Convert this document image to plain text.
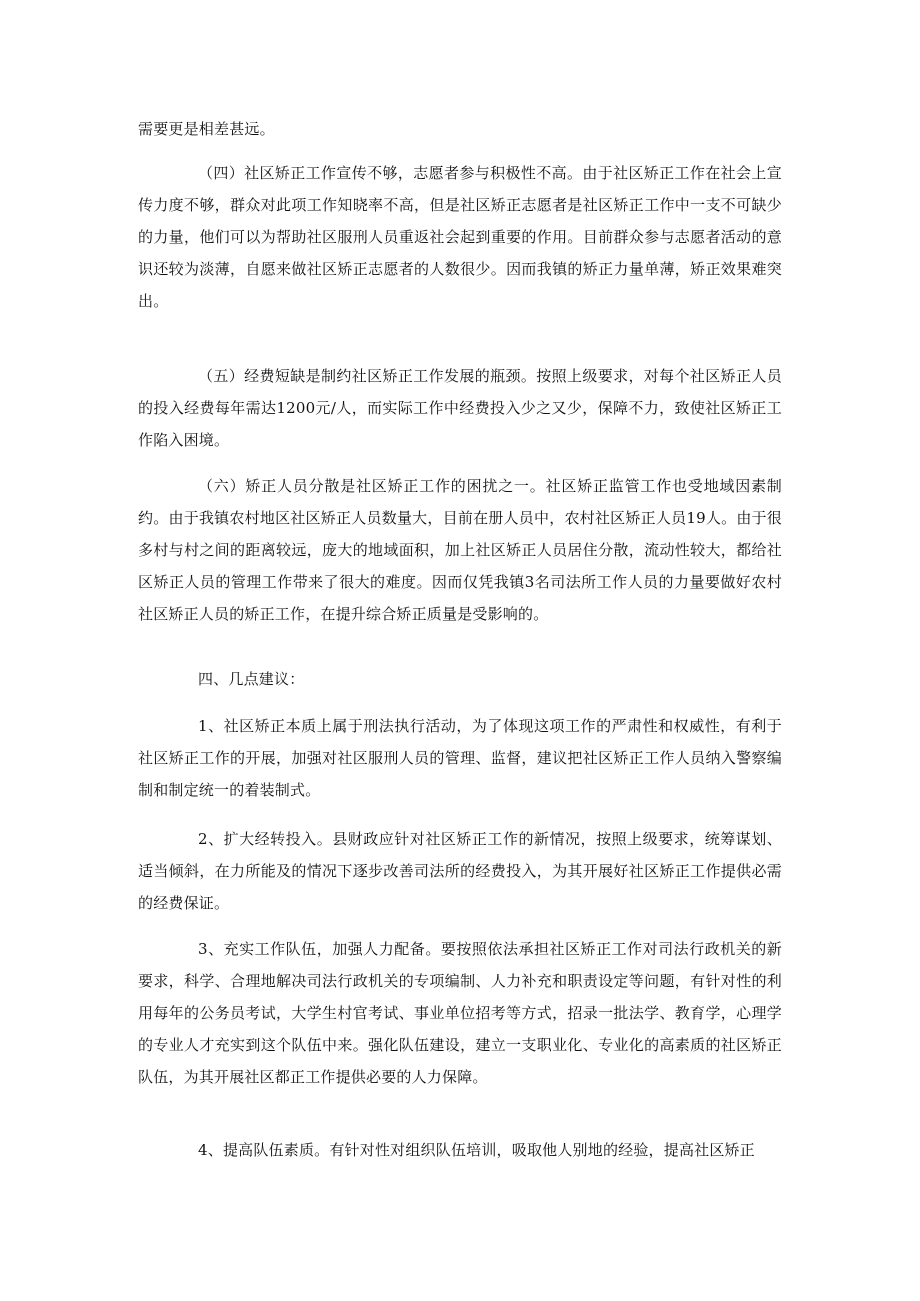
需要更是相差甚远。

（四）社区矫正工作宣传不够，志愿者参与积极性不高。由于社区矫正工作在社会上宣传力度不够，群众对此项工作知晓率不高，但是社区矫正志愿者是社区矫正工作中一支不可缺少的力量，他们可以为帮助社区服刑人员重返社会起到重要的作用。目前群众参与志愿者活动的意识还较为淡薄，自愿来做社区矫正志愿者的人数很少。因而我镇的矫正力量单薄，矫正效果难突出。

（五）经费短缺是制约社区矫正工作发展的瓶颈。按照上级要求，对每个社区矫正人员的投入经费每年需达1200元/人，而实际工作中经费投入少之又少，保障不力，致使社区矫正工作陷入困境。

（六）矫正人员分散是社区矫正工作的困扰之一。社区矫正监管工作也受地域因素制约。由于我镇农村地区社区矫正人员数量大，目前在册人员中，农村社区矫正人员19人。由于很多村与村之间的距离较远，庞大的地域面积，加上社区矫正人员居住分散，流动性较大，都给社区矫正人员的管理工作带来了很大的难度。因而仅凭我镇3名司法所工作人员的力量要做好农村社区矫正人员的矫正工作，在提升综合矫正质量是受影响的。

四、几点建议：

1、社区矫正本质上属于刑法执行活动，为了体现这项工作的严肃性和权威性，有利于社区矫正工作的开展，加强对社区服刑人员的管理、监督，建议把社区矫正工作人员纳入警察编制和制定统一的着装制式。

2、扩大经转投入。县财政应针对社区矫正工作的新情况，按照上级要求，统筹谋划、适当倾斜，在力所能及的情况下逐步改善司法所的经费投入，为其开展好社区矫正工作提供必需的经费保证。

3、充实工作队伍，加强人力配备。要按照依法承担社区矫正工作对司法行政机关的新要求，科学、合理地解决司法行政机关的专项编制、人力补充和职责设定等问题，有针对性的利用每年的公务员考试，大学生村官考试、事业单位招考等方式，招录一批法学、教育学，心理学的专业人才充实到这个队伍中来。强化队伍建设，建立一支职业化、专业化的高素质的社区矫正队伍，为其开展社区都正工作提供必要的人力保障。

4、提高队伍素质。有针对性对组织队伍培训，吸取他人别地的经验，提高社区矫正
